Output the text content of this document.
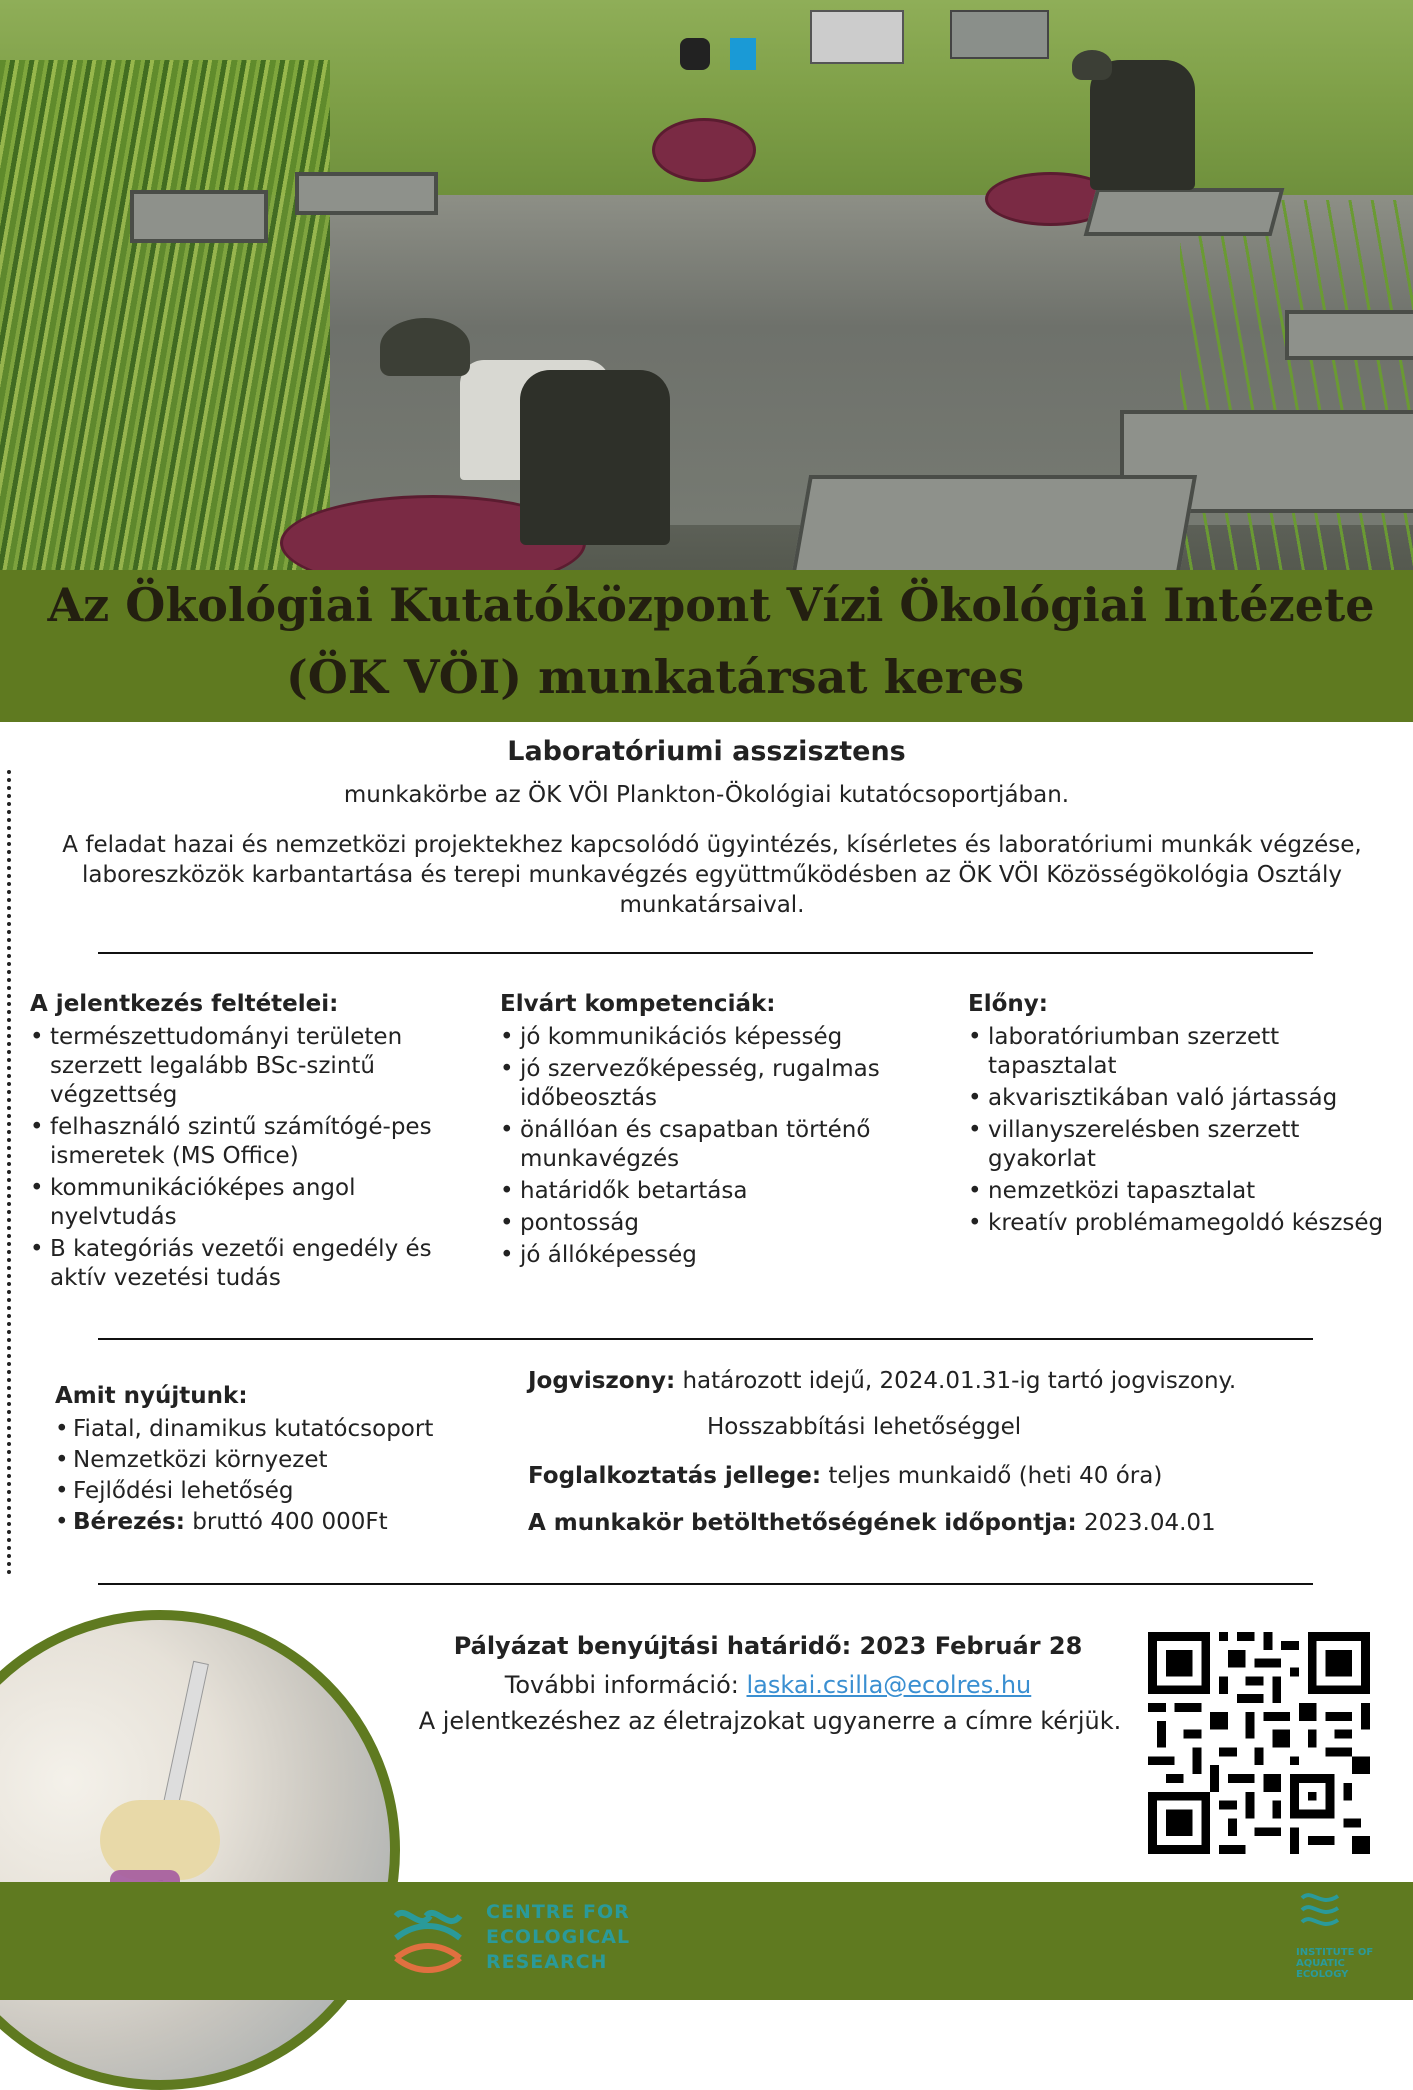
Az Ökológiai Kutatóközpont Vízi Ökológiai Intézete
(ÖK VÖI) munkatársat keres
Laboratóriumi asszisztens
munkakörbe az ÖK VÖI Plankton-Ökológiai kutatócsoportjában.
A feladat hazai és nemzetközi projektekhez kapcsolódó ügyintézés, kísérletes és laboratóriumi munkák végzése, laboreszközök karbantartása és terepi munkavégzés együttműködésben az ÖK VÖI Közösségökológia Osztály munkatársaival.
A jelentkezés feltételei:
• természettudományi területen szerzett legalább BSc-szintű végzettség
• felhasználó szintű számítógé-pes ismeretek (MS Office)
• kommunikációképes angol nyelvtudás
• B kategóriás vezetői engedély és aktív vezetési tudás
Elvárt kompetenciák:
• jó kommunikációs képesség
• jó szervezőképesség, rugalmas időbeosztás
• önállóan és csapatban történő munkavégzés
• határidők betartása
• pontosság
• jó állóképesség
Előny:
• laboratóriumban szerzett tapasztalat
• akvarisztikában való jártasság
• villanyszerelésben szerzett gyakorlat
• nemzetközi tapasztalat
• kreatív problémamegoldó készség
Amit nyújtunk:
• Fiatal, dinamikus kutatócsoport
• Nemzetközi környezet
• Fejlődési lehetőség
• Bérezés: bruttó 400 000Ft
Jogviszony: határozott idejű, 2024.01.31-ig tartó jogviszony.
Hosszabbítási lehetőséggel
Foglalkoztatás jellege: teljes munkaidő (heti 40 óra)
A munkakör betölthetőségének időpontja: 2023.04.01
Pályázat benyújtási határidő: 2023 Február 28
További információ: laskai.csilla@ecolres.hu
A jelentkezéshez az életrajzokat ugyanerre a címre kérjük.
CENTRE FOR
ECOLOGICAL
RESEARCH	INSTITUTE OF
AQUATIC
ECOLOGY
